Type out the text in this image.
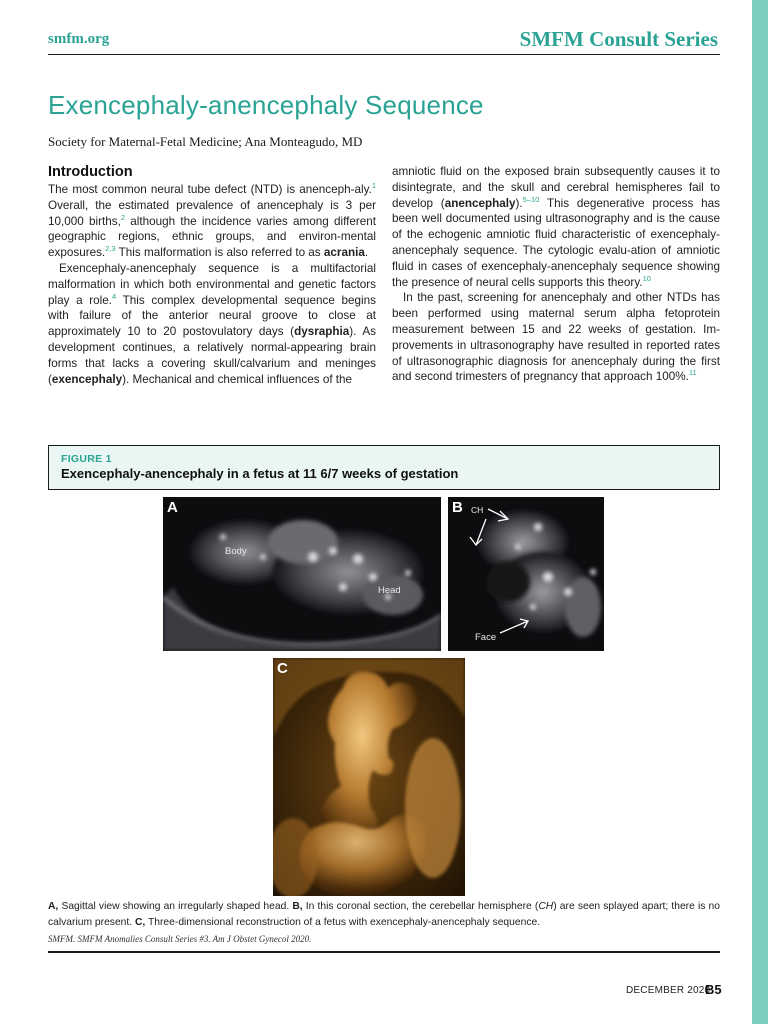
smfm.org	SMFM Consult Series
Exencephaly-anencephaly Sequence
Society for Maternal-Fetal Medicine; Ana Monteagudo, MD
Introduction

The most common neural tube defect (NTD) is anenceph-aly.$^1$ Overall, the estimated prevalence of anencephaly is 3 per 10,000 births,$^2$ although the incidence varies among different geographic regions, ethnic groups, and environ-mental exposures.$^{2,3}$ This malformation is also referred to as acrania.

Exencephaly-anencephaly sequence is a multifactorial malformation in which both environmental and genetic factors play a role.$^4$ This complex developmental sequence begins with failure of the anterior neural groove to close at approximately 10 to 20 postovulatory days (dysraphia). As development continues, a relatively normal-appearing brain forms that lacks a covering skull/calvarium and meninges (exencephaly). Mechanical and chemical influences of the

amniotic fluid on the exposed brain subsequently causes it to disintegrate, and the skull and cerebral hemispheres fail to develop (anencephaly).$^{5-10}$ This degenerative process has been well documented using ultrasonography and is the cause of the echogenic amniotic fluid characteristic of exencephaly-anencephaly sequence. The cytologic evalu-ation of amniotic fluid in cases of exencephaly-anencephaly sequence showing the presence of neural cells supports this theory.$^{10}$

In the past, screening for anencephaly and other NTDs has been performed using maternal serum alpha fetoprotein measurement between 15 and 22 weeks of gestation. Im-provements in ultrasonography have resulted in reported rates of ultrasonographic diagnosis for anencephaly during the first and second trimesters of pregnancy that approach 100%.$^{11}$

FIGURE 1
Exencephaly-anencephaly in a fetus at 11 6/7 weeks of gestation
A
Body
Head
B CH
Face
C
A, Sagittal view showing an irregularly shaped head. B, In this coronal section, the cerebellar hemisphere (CH) are seen splayed apart; there is no calvarium present. C, Three-dimensional reconstruction of a fetus with exencephaly-anencephaly sequence.
SMFM. SMFM Anomalies Consult Series #3. Am J Obstet Gynecol 2020.
DECEMBER 2020
B5
